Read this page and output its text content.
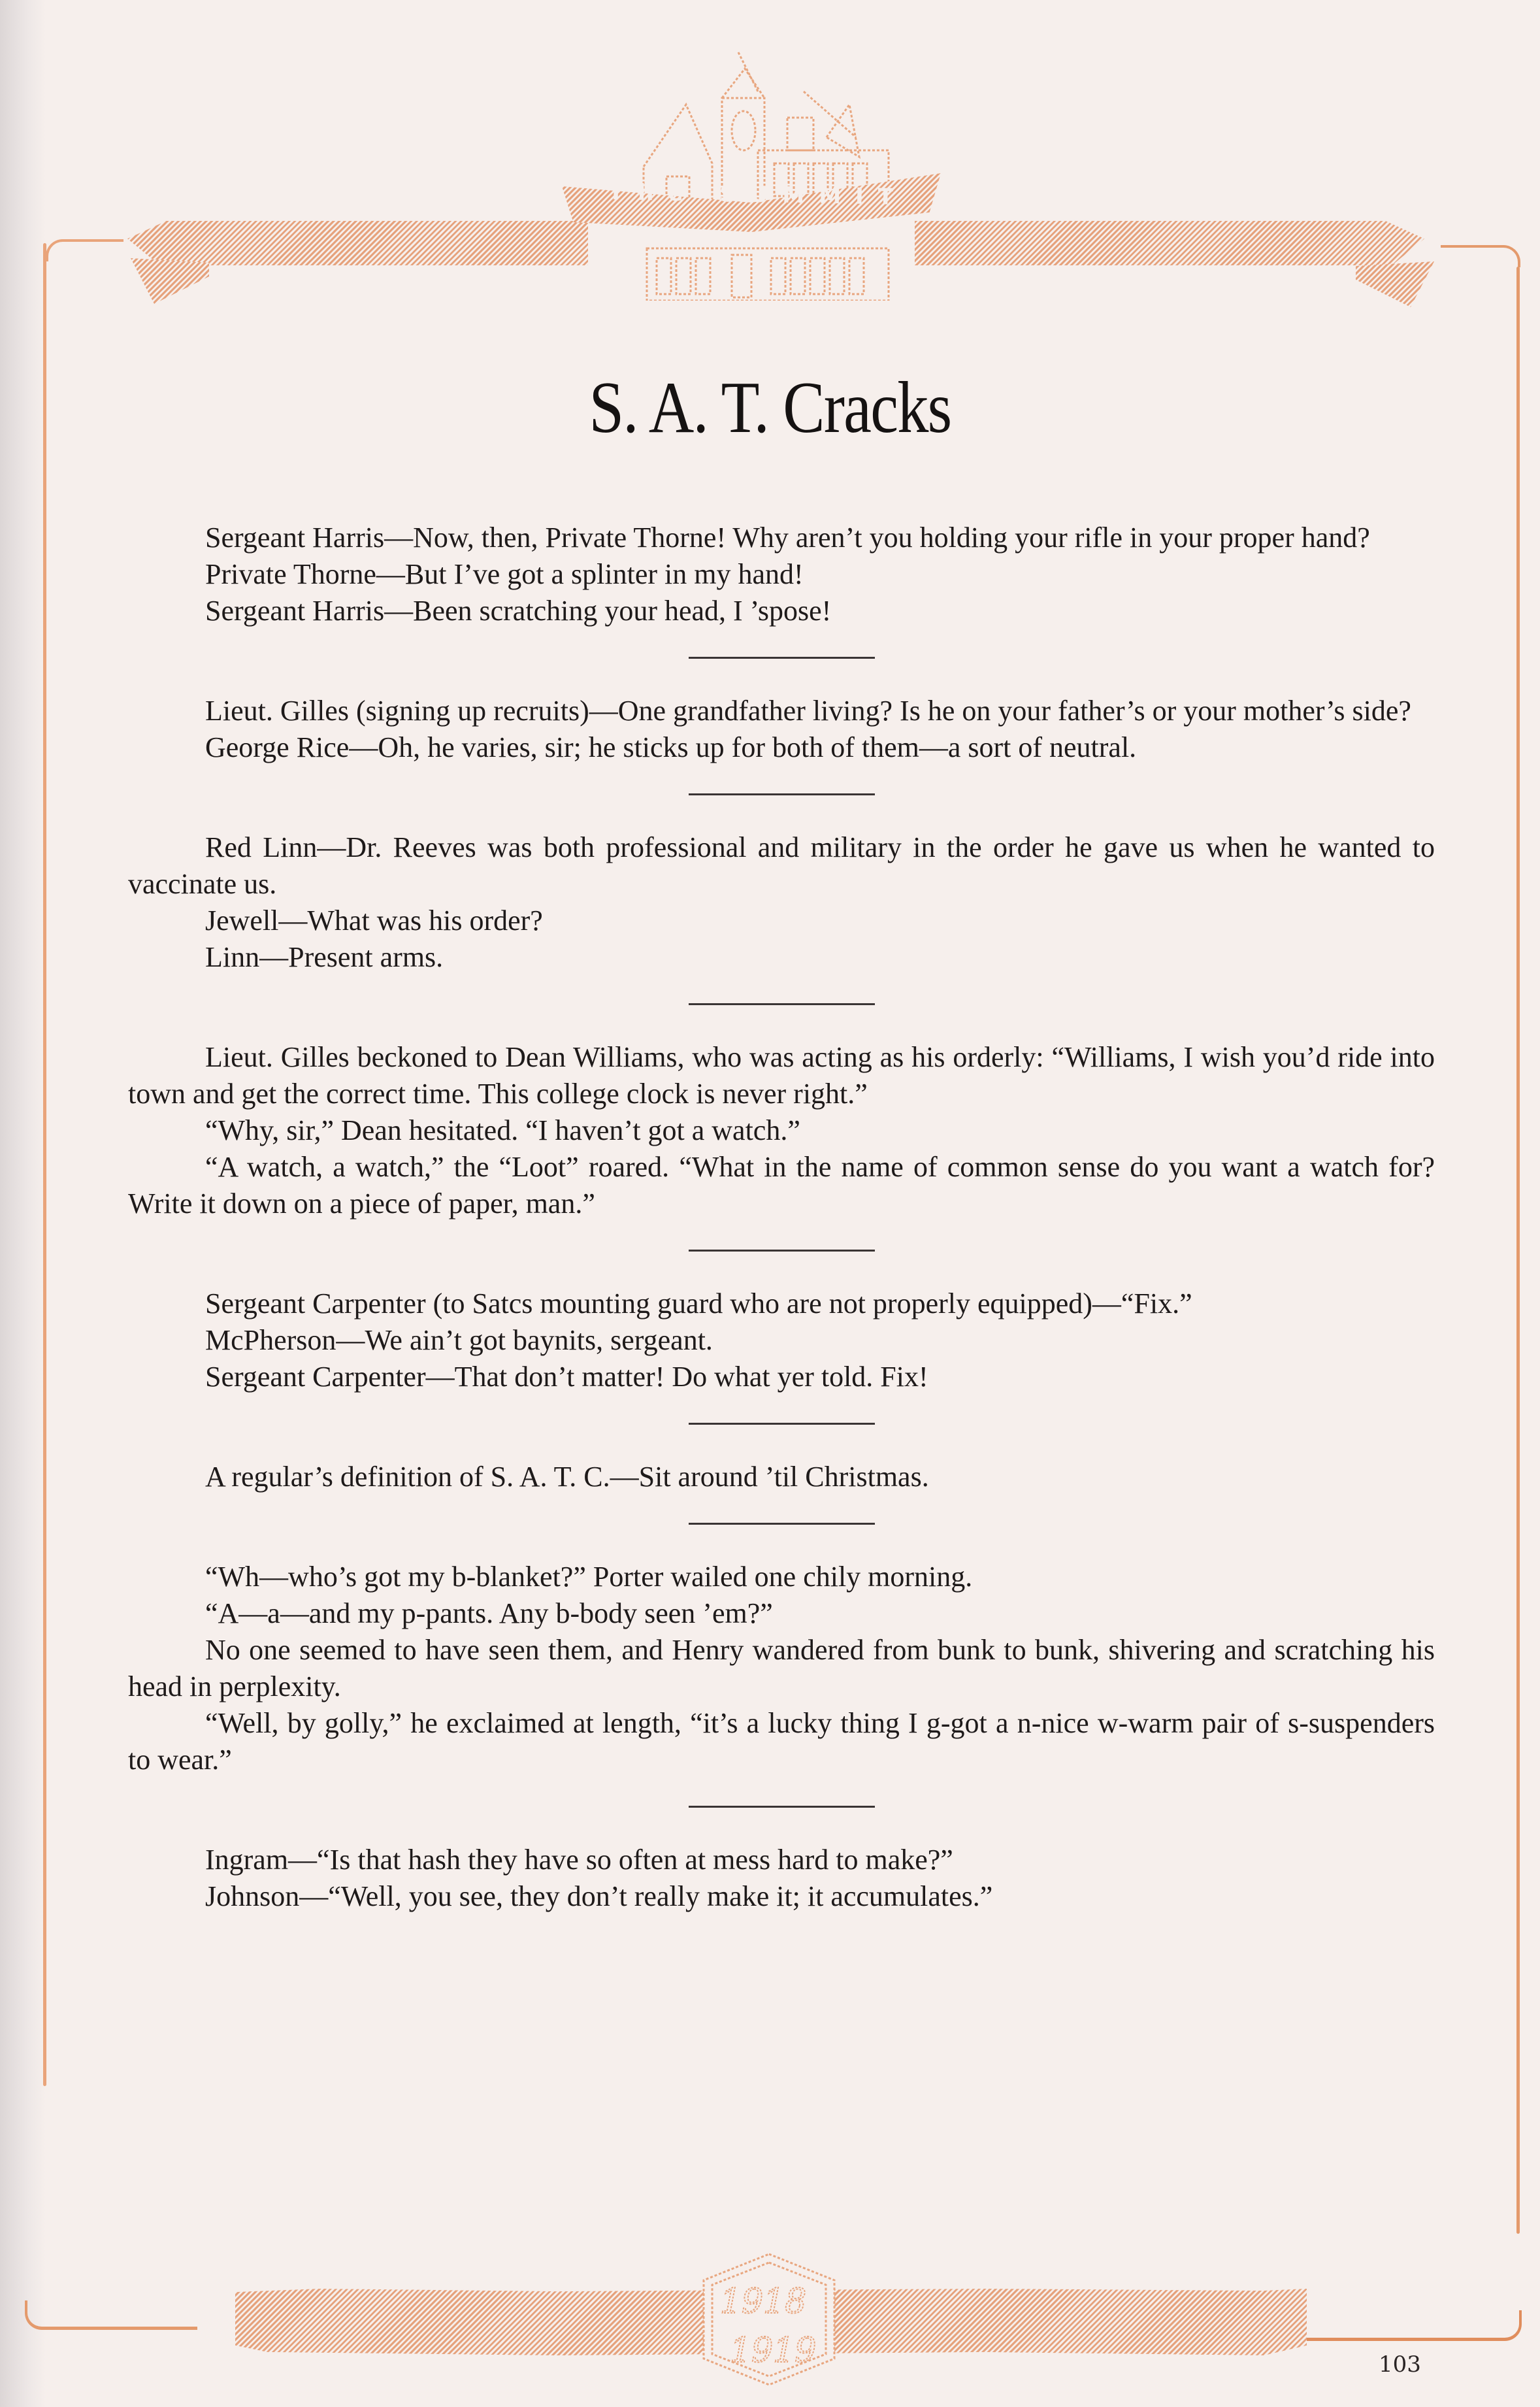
The SUMMIT
S. A. T. Cracks

Sergeant Harris—Now, then, Private Thorne! Why aren’t you holding your rifle in your proper hand?

Private Thorne—But I’ve got a splinter in my hand!

Sergeant Harris—Been scratching your head, I ’spose!

Lieut. Gilles (signing up recruits)—One grandfather living? Is he on your father’s or your mother’s side?

George Rice—Oh, he varies, sir; he sticks up for both of them—a sort of neutral.

Red Linn—Dr. Reeves was both professional and military in the order he gave us when he wanted to vaccinate us.

Jewell—What was his order?

Linn—Present arms.

Lieut. Gilles beckoned to Dean Williams, who was acting as his orderly: “Williams, I wish you’d ride into town and get the correct time. This college clock is never right.”

“Why, sir,” Dean hesitated. “I haven’t got a watch.”

“A watch, a watch,” the “Loot” roared. “What in the name of common sense do you want a watch for? Write it down on a piece of paper, man.”

Sergeant Carpenter (to Satcs mounting guard who are not properly equipped)—“Fix.”

McPherson—We ain’t got baynits, sergeant.

Sergeant Carpenter—That don’t matter! Do what yer told. Fix!

A regular’s definition of S. A. T. C.—Sit around ’til Christmas.

“Wh—who’s got my b-blanket?” Porter wailed one chily morning.

“A—a—and my p-pants. Any b-body seen ’em?”

No one seemed to have seen them, and Henry wandered from bunk to bunk, shivering and scratching his head in perplexity.

“Well, by golly,” he exclaimed at length, “it’s a lucky thing I g-got a n-nice w-warm pair of s-suspenders to wear.”

Ingram—“Is that hash they have so often at mess hard to make?”

Johnson—“Well, you see, they don’t really make it; it accumulates.”

1918
1919	103
